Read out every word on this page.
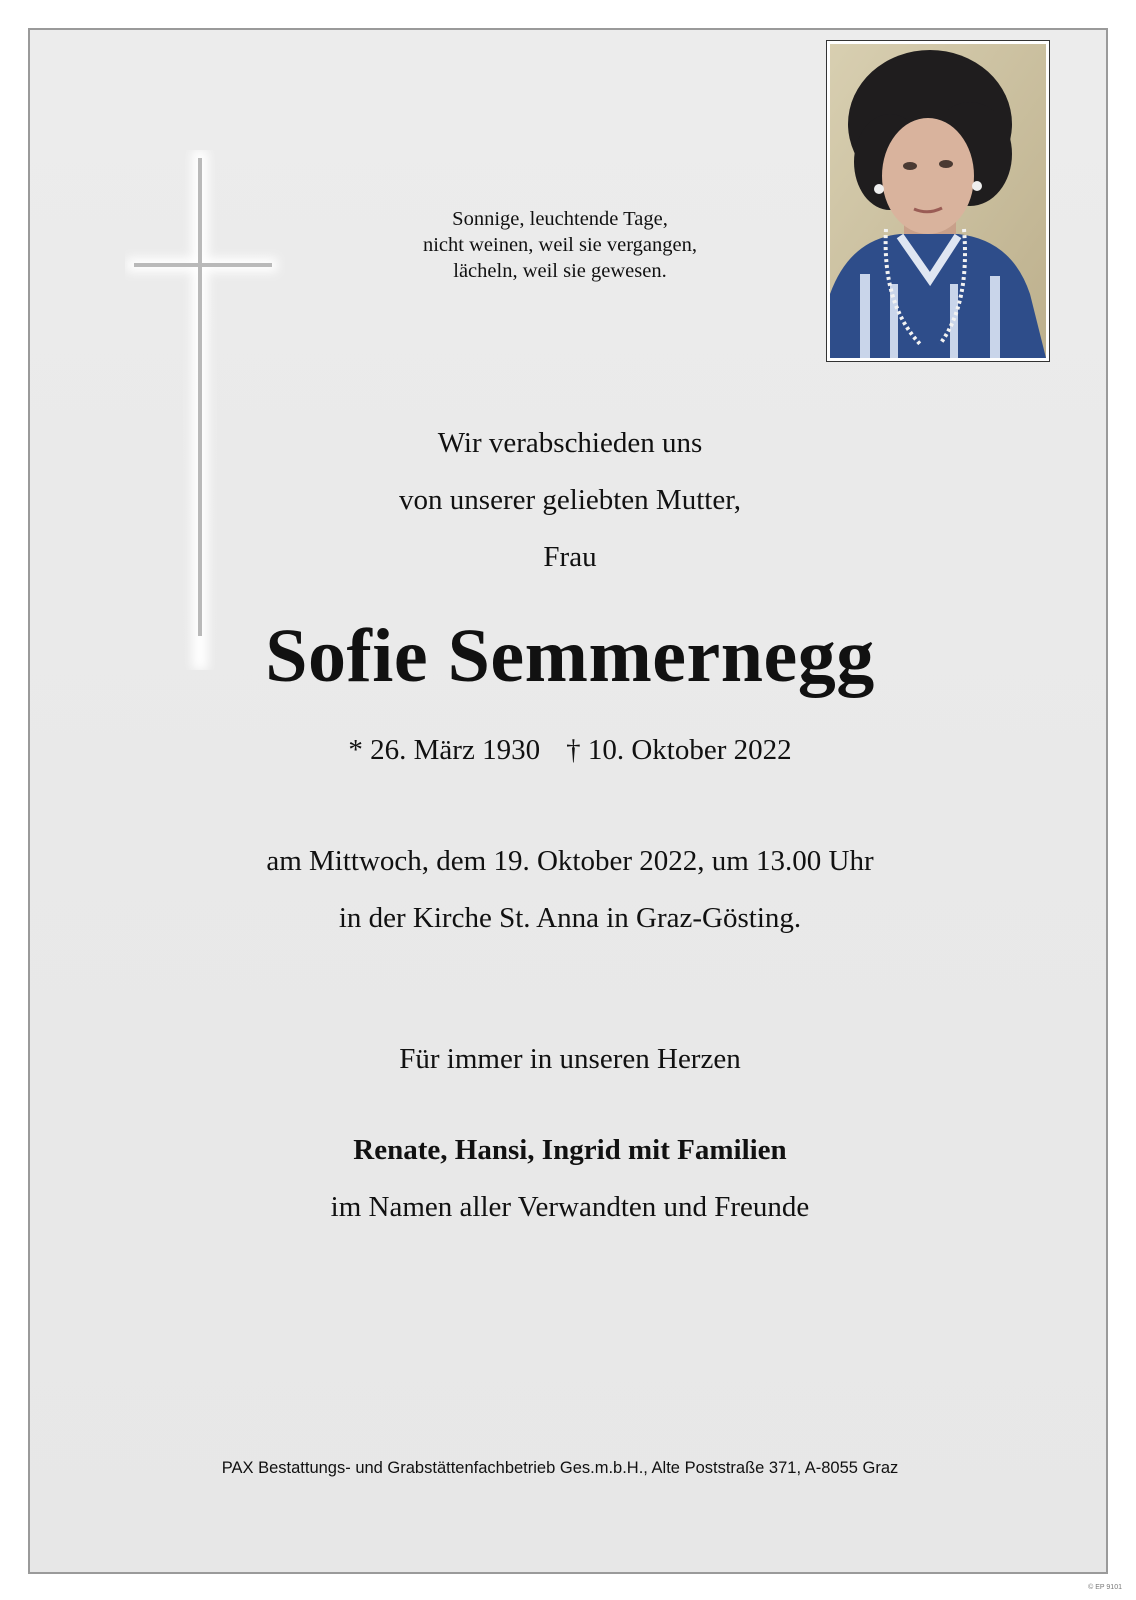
Sonnige, leuchtende Tage,
nicht weinen, weil sie vergangen,
lächeln, weil sie gewesen.
Wir verabschieden uns
von unserer geliebten Mutter,
Frau
Sofie Semmernegg
* 26. März 1930 † 10. Oktober 2022
am Mittwoch, dem 19. Oktober 2022, um 13.00 Uhr
in der Kirche St. Anna in Graz-Gösting.
Für immer in unseren Herzen
Renate, Hansi, Ingrid mit Familien
im Namen aller Verwandten und Freunde
PAX Bestattungs- und Grabstättenfachbetrieb Ges.m.b.H., Alte Poststraße 371, A-8055 Graz
© EP 9101
